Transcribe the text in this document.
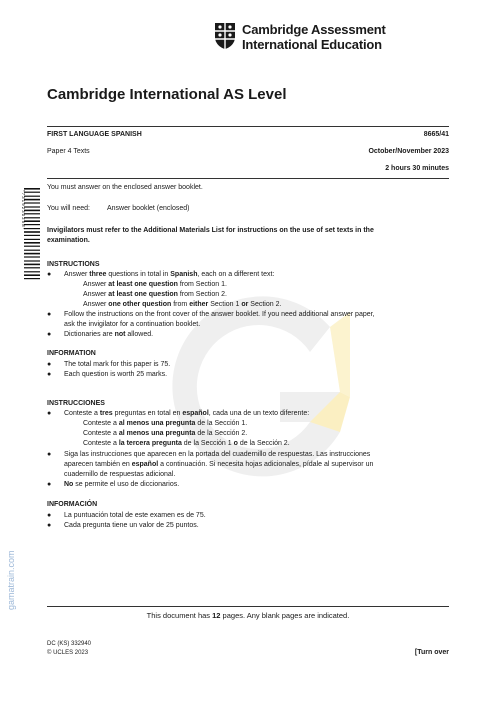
Cambridge Assessment
International Education
Cambridge International AS Level
FIRST LANGUAGE SPANISH	8665/41
Paper 4 Texts	October/November 2023
2 hours 30 minutes
* 7 3 1 9 2 3 0 2 5 8 *
You must answer on the enclosed answer booklet.
You will need: Answer booklet (enclosed)
Invigilators must refer to the Additional Materials List for instructions on the use of set texts in the
examination.
INSTRUCTIONS
● Answer three questions in total in Spanish, each on a different text:
Answer at least one question from Section 1.
Answer at least one question from Section 2.
Answer one other question from either Section 1 or Section 2.
● Follow the instructions on the front cover of the answer booklet. If you need additional answer paper,
ask the invigilator for a continuation booklet.
● Dictionaries are not allowed.
INFORMATION
● The total mark for this paper is 75.
● Each question is worth 25 marks.
INSTRUCCIONES
● Conteste a tres preguntas en total en español, cada una de un texto diferente:
Conteste a al menos una pregunta de la Sección 1.
Conteste a al menos una pregunta de la Sección 2.
Conteste a la tercera pregunta de la Sección 1 o de la Sección 2.
● Siga las instrucciones que aparecen en la portada del cuadernillo de respuestas. Las instrucciones
aparecen también en español a continuación. Si necesita hojas adicionales, pídale al supervisor un
cuadernillo de respuestas adicional.
● No se permite el uso de diccionarios.
INFORMACIÓN
● La puntuación total de este examen es de 75.
● Cada pregunta tiene un valor de 25 puntos.
gamatrain.com
This document has 12 pages. Any blank pages are indicated.
DC (KS) 332940
© UCLES 2023	[Turn over
